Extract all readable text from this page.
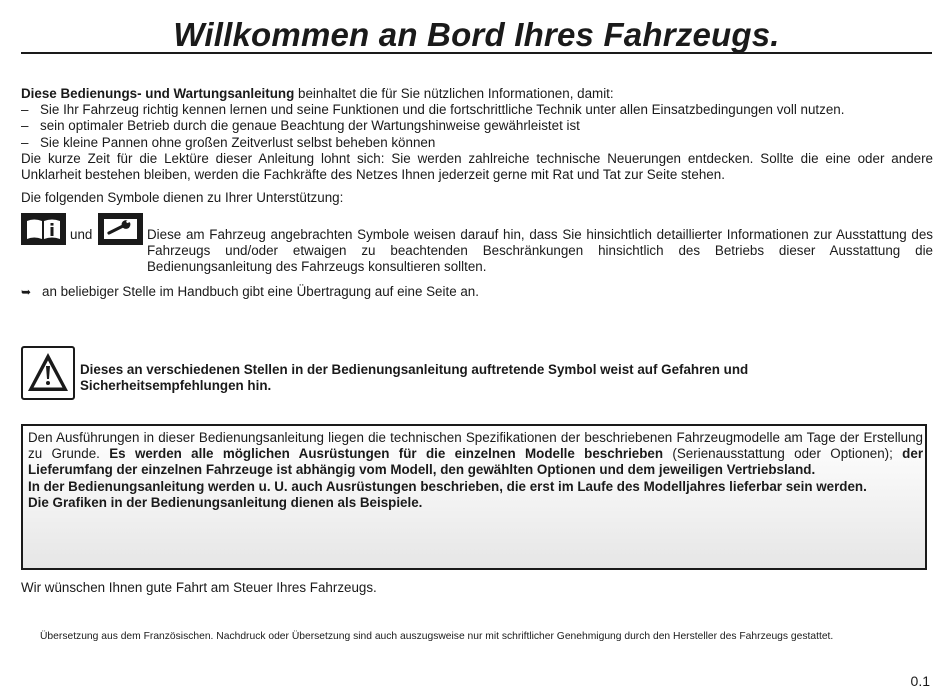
Willkommen an Bord Ihres Fahrzeugs.

Diese Bedienungs- und Wartungsanleitung beinhaltet die für Sie nützlichen Informationen, damit:

– Sie Ihr Fahrzeug richtig kennen lernen und seine Funktionen und die fortschrittliche Technik unter allen Einsatzbedingungen voll nutzen.
– sein optimaler Betrieb durch die genaue Beachtung der Wartungshinweise gewährleistet ist
– Sie kleine Pannen ohne großen Zeitverlust selbst beheben können

Die kurze Zeit für die Lektüre dieser Anleitung lohnt sich: Sie werden zahlreiche technische Neuerungen entdecken. Sollte die eine oder andere Unklarheit bestehen bleiben, werden die Fachkräfte des Netzes Ihnen jederzeit gerne mit Rat und Tat zur Seite stehen.

Die folgenden Symbole dienen zu Ihrer Unterstützung:
und	Diese am Fahrzeug angebrachten Symbole weisen darauf hin, dass Sie hinsichtlich detaillierter Informationen zur Ausstattung des Fahrzeugs und/oder etwaigen zu beachtenden Beschränkungen hinsichtlich des Betriebs dieser Ausstattung die Bedienungsanleitung des Fahrzeugs konsultieren sollten.
➥ an beliebiger Stelle im Handbuch gibt eine Übertragung auf eine Seite an.
Dieses an verschiedenen Stellen in der Bedienungsanleitung auftretende Symbol weist auf Gefahren und Sicherheitsempfehlungen hin.
Den Ausführungen in dieser Bedienungsanleitung liegen die technischen Spezifikationen der beschriebenen Fahrzeugmodelle am Tage der Erstellung zu Grunde. Es werden alle möglichen Ausrüstungen für die einzelnen Modelle beschrieben (Serienausstattung oder Optionen); der Lieferumfang der einzelnen Fahrzeuge ist abhängig vom Modell, den gewählten Optionen und dem jeweiligen Vertriebsland.
In der Bedienungsanleitung werden u. U. auch Ausrüstungen beschrieben, die erst im Laufe des Modelljahres lieferbar sein werden.
Die Grafiken in der Bedienungsanleitung dienen als Beispiele.
Wir wünschen Ihnen gute Fahrt am Steuer Ihres Fahrzeugs.
Übersetzung aus dem Französischen. Nachdruck oder Übersetzung sind auch auszugsweise nur mit schriftlicher Genehmigung durch den Hersteller des Fahrzeugs gestattet.
0.1
